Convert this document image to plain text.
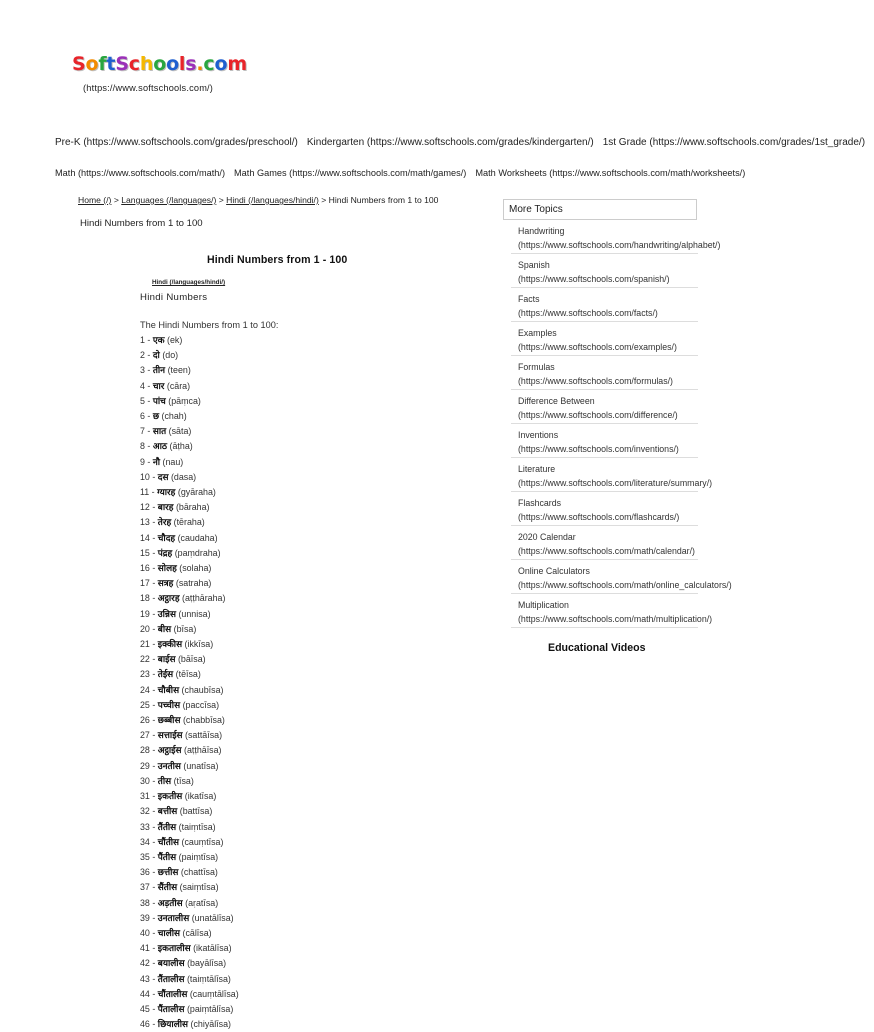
SoftSchools.com
(https://www.softschools.com/)
Pre-K (https://www.softschools.com/grades/preschool/) Kindergarten (https://www.softschools.com/grades/kindergarten/) 1st Grade (https://www.softschools.com/grades/1st_grade/)
Math (https://www.softschools.com/math/) Math Games (https://www.softschools.com/math/games/) Math Worksheets (https://www.softschools.com/math/worksheets/)
Home (/) > Languages (/languages/) > Hindi (/languages/hindi/) > Hindi Numbers from 1 to 100
Hindi Numbers from 1 to 100
Hindi Numbers from 1 - 100
Hindi (/languages/hindi/)
Hindi Numbers
The Hindi Numbers from 1 to 100:
1 - एक (ek)
2 - दो (do)
3 - तीन (teen)
4 - चार (cāra)
5 - पांच (pāṃca)
6 - छ (chah)
7 - सात (sāta)
8 - आठ (āṭha)
9 - नौ (nau)
10 - दस (dasa)
11 - ग्यारह (gyāraha)
12 - बारह (bāraha)
13 - तेरह (tēraha)
14 - चौदह (caudaha)
15 - पंद्रह (paṃdraha)
16 - सोलह (solaha)
17 - सत्रह (satraha)
18 - अट्ठारह (aṭṭhāraha)
19 - उन्निस (unnisa)
20 - बीस (bīsa)
21 - इक्कीस (ikkīsa)
22 - बाईस (bāīsa)
23 - तेईस (tēīsa)
24 - चौबीस (chaubīsa)
25 - पच्चीस (paccīsa)
26 - छब्बीस (chabbīsa)
27 - सत्ताईस (sattāīsa)
28 - अट्ठाईस (aṭṭhāīsa)
29 - उनतीस (unatīsa)
30 - तीस (tīsa)
31 - इकतीस (ikatīsa)
32 - बत्तीस (battīsa)
33 - तैंतीस (taiṃtīsa)
34 - चौंतीस (cauṃtīsa)
35 - पैंतीस (paiṃtīsa)
36 - छत्तीस (chattīsa)
37 - सैंतीस (saiṃtīsa)
38 - अड़तीस (aṛatīsa)
39 - उनतालीस (unatālīsa)
40 - चालीस (cālīsa)
41 - इकतालीस (ikatālīsa)
42 - बयालीस (bayālīsa)
43 - तैंतालीस (taiṃtālīsa)
44 - चौंतालीस (cauṃtālīsa)
45 - पैंतालीस (paiṃtālīsa)
46 - छियालीस (chiyālīsa)
More Topics
Handwriting
(https://www.softschools.com/handwriting/alphabet/)
Spanish
(https://www.softschools.com/spanish/)
Facts
(https://www.softschools.com/facts/)
Examples
(https://www.softschools.com/examples/)
Formulas
(https://www.softschools.com/formulas/)
Difference Between
(https://www.softschools.com/difference/)
Inventions
(https://www.softschools.com/inventions/)
Literature
(https://www.softschools.com/literature/summary/)
Flashcards
(https://www.softschools.com/flashcards/)
2020 Calendar
(https://www.softschools.com/math/calendar/)
Online Calculators
(https://www.softschools.com/math/online_calculators/)
Multiplication
(https://www.softschools.com/math/multiplication/)
Educational Videos
